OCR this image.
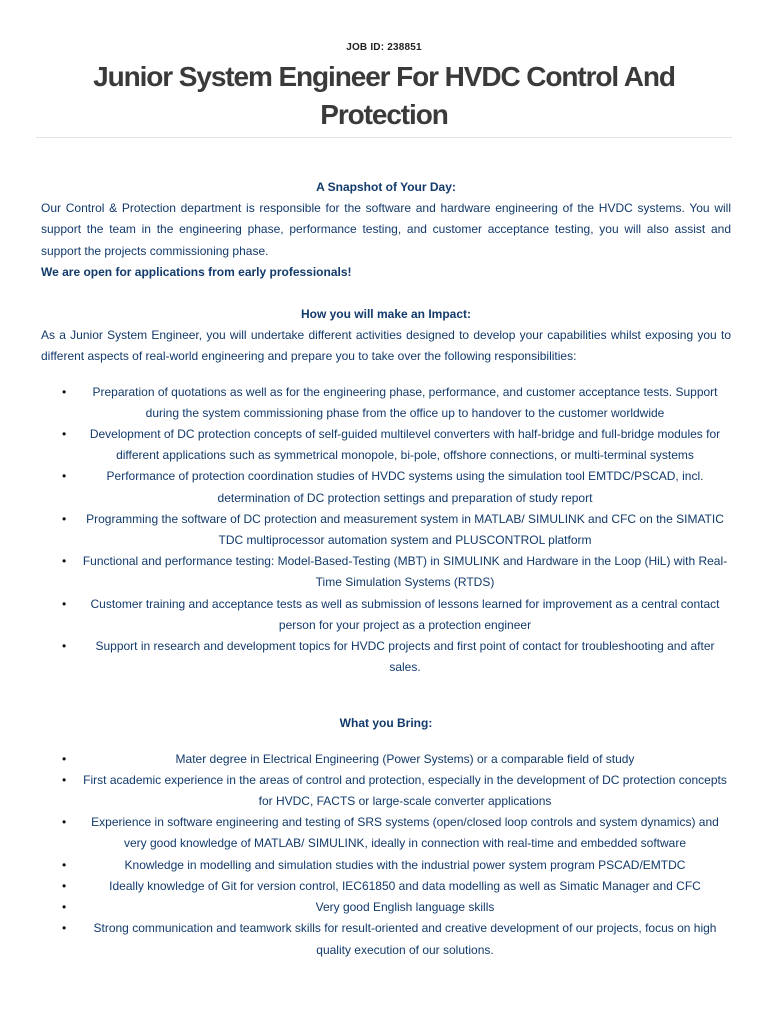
JOB ID: 238851
Junior System Engineer For HVDC Control And Protection

A Snapshot of Your Day:

Our Control & Protection department is responsible for the software and hardware engineering of the HVDC systems. You will support the team in the engineering phase, performance testing, and customer acceptance testing, you will also assist and support the projects commissioning phase.

We are open for applications from early professionals!

How you will make an Impact:

As a Junior System Engineer, you will undertake different activities designed to develop your capabilities whilst exposing you to different aspects of real-world engineering and prepare you to take over the following responsibilities:

•	Preparation of quotations as well as for the engineering phase, performance, and customer acceptance tests. Support during the system commissioning phase from the office up to handover to the customer worldwide
•	Development of DC protection concepts of self-guided multilevel converters with half-bridge and full-bridge modules for different applications such as symmetrical monopole, bi-pole, offshore connections, or multi-terminal systems
•	Performance of protection coordination studies of HVDC systems using the simulation tool EMTDC/PSCAD, incl. determination of DC protection settings and preparation of study report
•	Programming the software of DC protection and measurement system in MATLAB/ SIMULINK and CFC on the SIMATIC TDC multiprocessor automation system and PLUSCONTROL platform
•	Functional and performance testing: Model-Based-Testing (MBT) in SIMULINK and Hardware in the Loop (HiL) with Real-Time Simulation Systems (RTDS)
•	Customer training and acceptance tests as well as submission of lessons learned for improvement as a central contact person for your project as a protection engineer
•	Support in research and development topics for HVDC projects and first point of contact for troubleshooting and after sales.

What you Bring:

•	Mater degree in Electrical Engineering (Power Systems) or a comparable field of study
•	First academic experience in the areas of control and protection, especially in the development of DC protection concepts for HVDC, FACTS or large-scale converter applications
•	Experience in software engineering and testing of SRS systems (open/closed loop controls and system dynamics) and very good knowledge of MATLAB/ SIMULINK, ideally in connection with real-time and embedded software
•	Knowledge in modelling and simulation studies with the industrial power system program PSCAD/EMTDC
•	Ideally knowledge of Git for version control, IEC61850 and data modelling as well as Simatic Manager and CFC
•	Very good English language skills
•	Strong communication and teamwork skills for result-oriented and creative development of our projects, focus on high quality execution of our solutions.
